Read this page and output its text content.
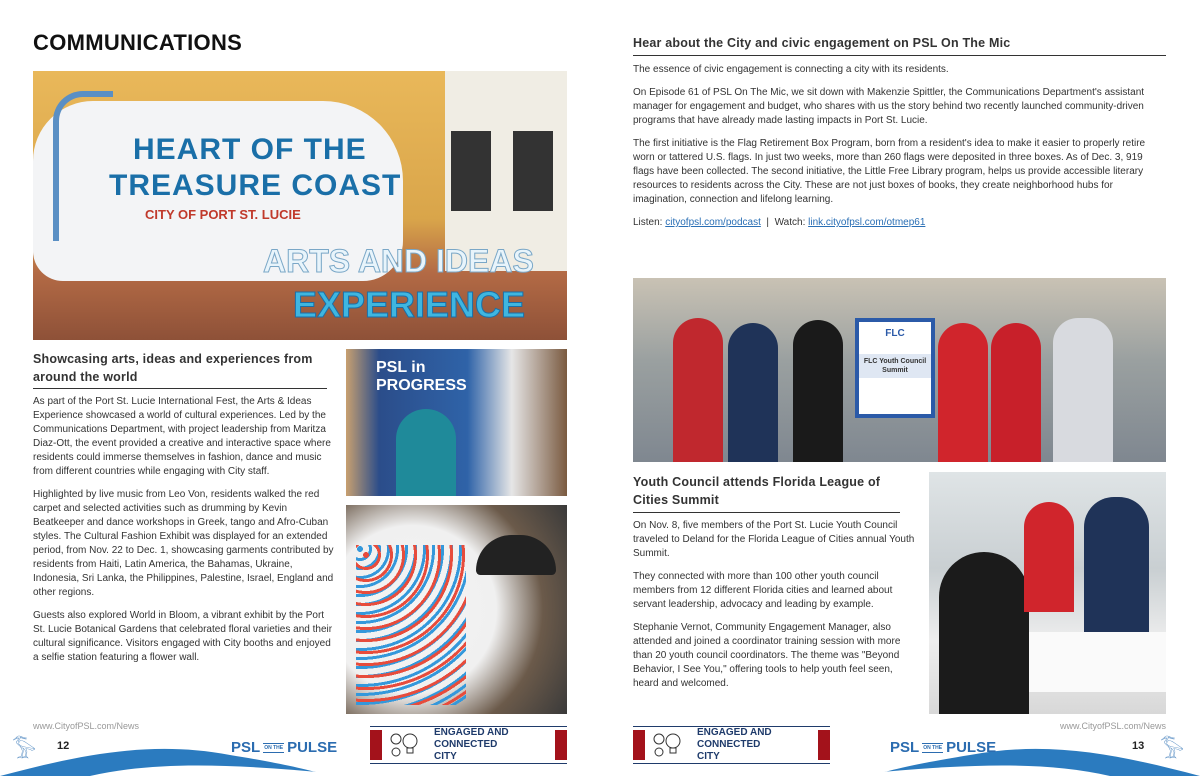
COMMUNICATIONS
HEART OF THE
TREASURE COAST
CITY OF PORT ST. LUCIE
ARTS AND IDEAS
EXPERIENCE
Showcasing arts, ideas and experiences from around the world

As part of the Port St. Lucie International Fest, the Arts & Ideas Experience showcased a world of cultural experiences. Led by the Communications Department, with project leadership from Maritza Diaz-Ott, the event provided a creative and interactive space where residents could immerse themselves in fashion, dance and music from different countries while engaging with City staff.

Highlighted by live music from Leo Von, residents walked the red carpet and selected activities such as drumming by Kevin Beatkeeper and dance workshops in Greek, tango and Afro-Cuban styles. The Cultural Fashion Exhibit was displayed for an extended period, from Nov. 22 to Dec. 1, showcasing garments contributed by residents from Haiti, Latin America, the Bahamas, Ukraine, Indonesia, Sri Lanka, the Philippines, Palestine, Israel, England and other regions.

Guests also explored World in Bloom, a vibrant exhibit by the Port St. Lucie Botanical Gardens that celebrated floral varieties and their cultural significance. Visitors engaged with City booths and enjoyed a selfie station featuring a flower wall.

PSL in PROGRESS
www.CityofPSL.com/News
𓅣 12	PSL ON THE PULSE
ENGAGED AND CONNECTED CITY
Hear about the City and civic engagement on PSL On The Mic

The essence of civic engagement is connecting a city with its residents.

On Episode 61 of PSL On The Mic, we sit down with Makenzie Spittler, the Communications Department's assistant manager for engagement and budget, who shares with us the story behind two recently launched community-driven programs that have already made lasting impacts in Port St. Lucie.

The first initiative is the Flag Retirement Box Program, born from a resident's idea to make it easier to properly retire worn or tattered U.S. flags. In just two weeks, more than 260 flags were deposited in three boxes. As of Dec. 3, 919 flags have been collected. The second initiative, the Little Free Library program, helps us provide accessible literary resources to residents across the City. These are not just boxes of books, they create neighborhood hubs for imagination, connection and lifelong learning.

Listen: cityofpsl.com/podcast | Watch: link.cityofpsl.com/otmep61

FLC
FLC Youth Council Summit
Youth Council attends Florida League of Cities Summit

On Nov. 8, five members of the Port St. Lucie Youth Council traveled to Deland for the Florida League of Cities annual Youth Summit.

They connected with more than 100 other youth council members from 12 different Florida cities and learned about servant leadership, advocacy and leading by example.

Stephanie Vernot, Community Engagement Manager, also attended and joined a coordinator training session with more than 20 youth council coordinators. The theme was "Beyond Behavior, I See You," offering tools to help youth feel seen, heard and welcomed.

www.CityofPSL.com/News
𓅣
13
PSL ON THE PULSE
ENGAGED AND
CONNECTED
CITY
